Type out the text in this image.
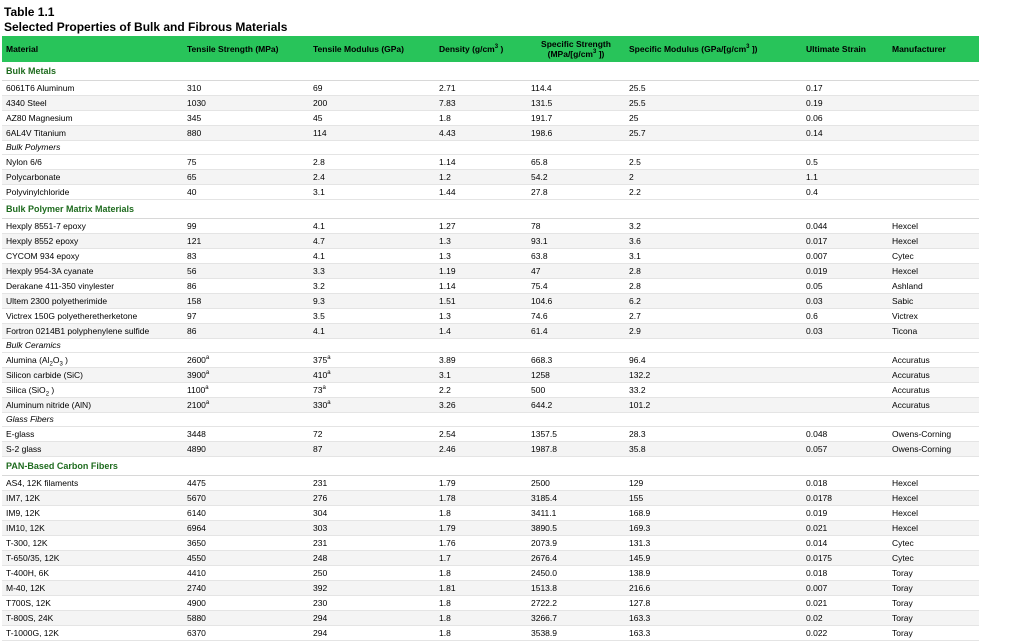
Table 1.1
Selected Properties of Bulk and Fibrous Materials
Material	Tensile Strength (MPa)	Tensile Modulus (GPa)	Density ($g/cm^3$ )	Specific Strength ($MPa/[g/cm^3$ ])	Specific Modulus ($GPa/[g/cm^3$ ])	Ultimate Strain	Manufacturer
Bulk Metals							
6061T6 Aluminum	310	69	2.71	114.4	25.5	0.17	
4340 Steel	1030	200	7.83	131.5	25.5	0.19	
AZ80 Magnesium	345	45	1.8	191.7	25	0.06	
6AL4V Titanium	880	114	4.43	198.6	25.7	0.14	
Bulk Polymers							
Nylon 6/6	75	2.8	1.14	65.8	2.5	0.5	
Polycarbonate	65	2.4	1.2	54.2	2	1.1	
Polyvinylchloride	40	3.1	1.44	27.8	2.2	0.4	
Bulk Polymer Matrix Materials							
Hexply 8551-7 epoxy	99	4.1	1.27	78	3.2	0.044	Hexcel
Hexply 8552 epoxy	121	4.7	1.3	93.1	3.6	0.017	Hexcel
CYCOM 934 epoxy	83	4.1	1.3	63.8	3.1	0.007	Cytec
Hexply 954-3A cyanate	56	3.3	1.19	47	2.8	0.019	Hexcel
Derakane 411-350 vinylester	86	3.2	1.14	75.4	2.8	0.05	Ashland
Ultem 2300 polyetherimide	158	9.3	1.51	104.6	6.2	0.03	Sabic
Victrex 150G polyetheretherketone	97	3.5	1.3	74.6	2.7	0.6	Victrex
Fortron 0214B1 polyphenylene sulfide	86	4.1	1.4	61.4	2.9	0.03	Ticona
Bulk Ceramics							
Alumina ($Al_2O_3$ )	2600$^a$	375$^a$	3.89	668.3	96.4		Accuratus
Silicon carbide (SiC)	3900$^a$	410$^a$	3.1	1258	132.2		Accuratus
Silica (SiO$_2$ )	1100$^a$	73$^a$	2.2	500	33.2		Accuratus
Aluminum nitride (AlN)	2100$^a$	330$^a$	3.26	644.2	101.2		Accuratus
Glass Fibers							
E-glass	3448	72	2.54	1357.5	28.3	0.048	Owens-Corning
S-2 glass	4890	87	2.46	1987.8	35.8	0.057	Owens-Corning
PAN-Based Carbon Fibers							
AS4, 12K filaments	4475	231	1.79	2500	129	0.018	Hexcel
IM7, 12K	5670	276	1.78	3185.4	155	0.0178	Hexcel
IM9, 12K	6140	304	1.8	3411.1	168.9	0.019	Hexcel
IM10, 12K	6964	303	1.79	3890.5	169.3	0.021	Hexcel
T-300, 12K	3650	231	1.76	2073.9	131.3	0.014	Cytec
T-650/35, 12K	4550	248	1.7	2676.4	145.9	0.0175	Cytec
T-400H, 6K	4410	250	1.8	2450.0	138.9	0.018	Toray
M-40, 12K	2740	392	1.81	1513.8	216.6	0.007	Toray
T700S, 12K	4900	230	1.8	2722.2	127.8	0.021	Toray
T-800S, 24K	5880	294	1.8	3266.7	163.3	0.02	Toray
T-1000G, 12K	6370	294	1.8	3538.9	163.3	0.022	Toray
